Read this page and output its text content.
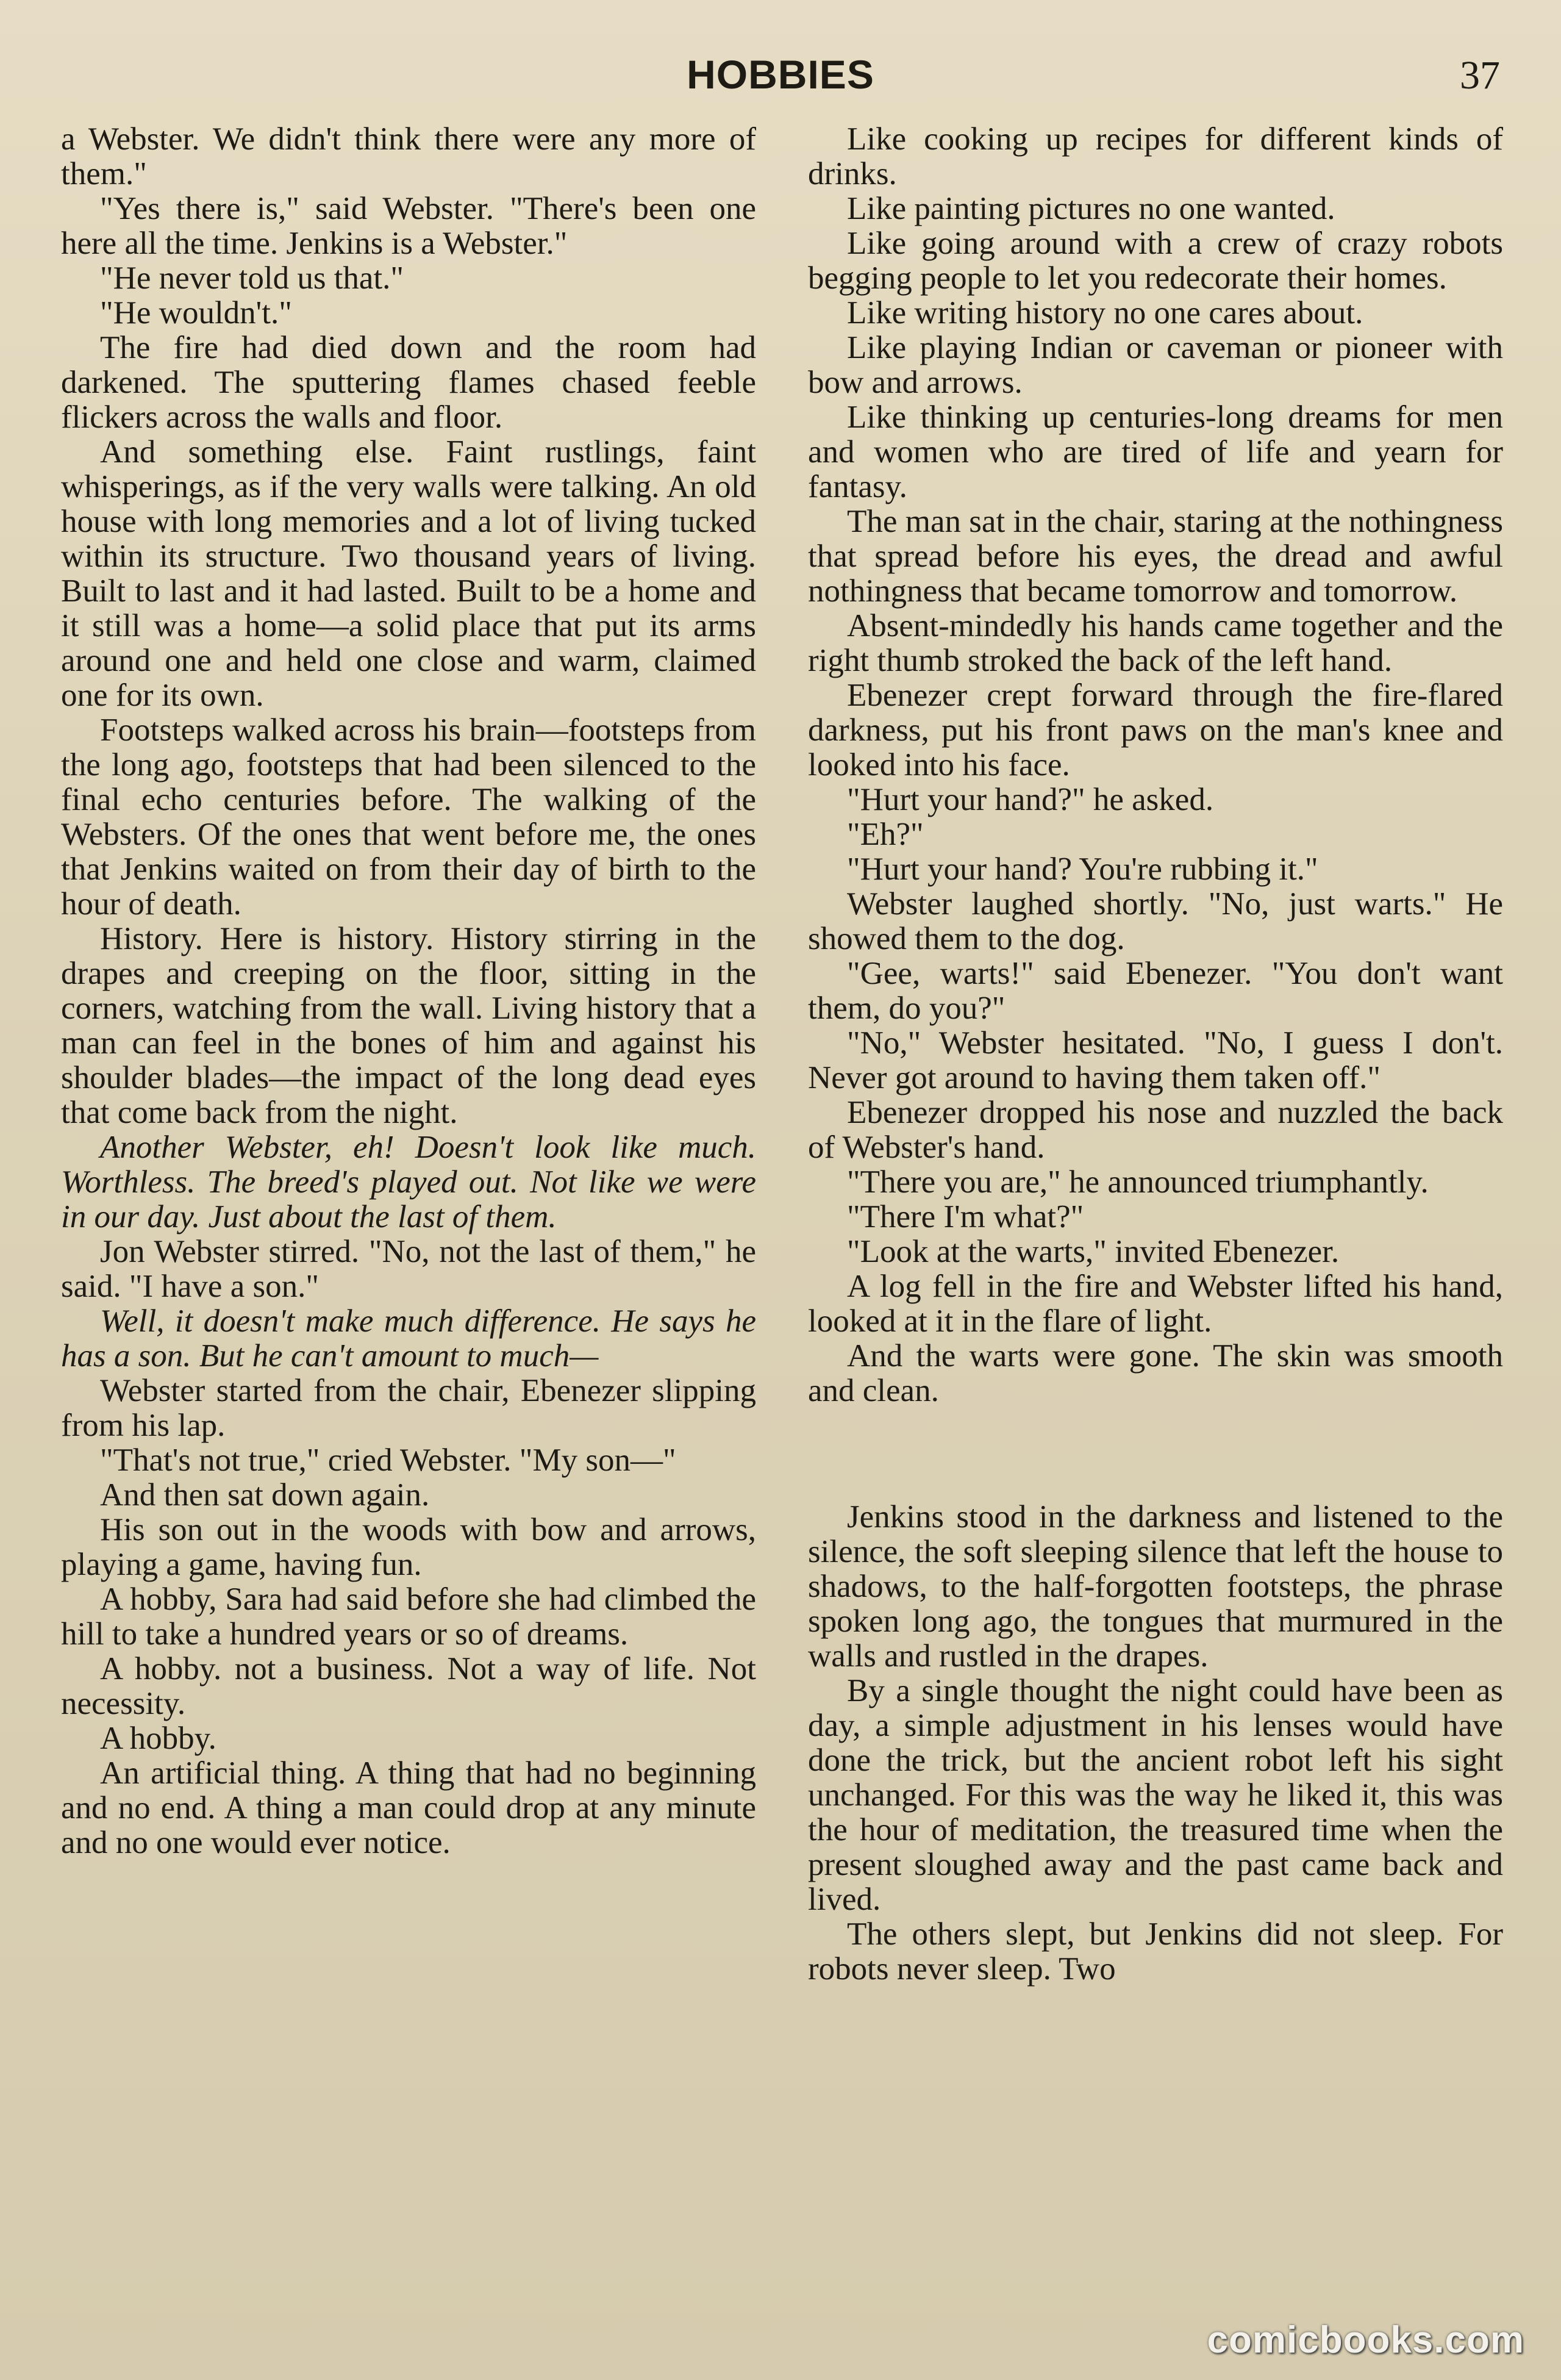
HOBBIES	37

a Webster. We didn't think there were any more of them."

"Yes there is," said Webster. "There's been one here all the time. Jenkins is a Webster."

"He never told us that."

"He wouldn't."

The fire had died down and the room had darkened. The sputtering flames chased feeble flickers across the walls and floor.

And something else. Faint rustlings, faint whisperings, as if the very walls were talking. An old house with long memories and a lot of living tucked within its structure. Two thousand years of living. Built to last and it had lasted. Built to be a home and it still was a home—a solid place that put its arms around one and held one close and warm, claimed one for its own.

Footsteps walked across his brain—footsteps from the long ago, footsteps that had been silenced to the final echo centuries before. The walking of the Websters. Of the ones that went before me, the ones that Jenkins waited on from their day of birth to the hour of death.

History. Here is history. History stirring in the drapes and creeping on the floor, sitting in the corners, watching from the wall. Living history that a man can feel in the bones of him and against his shoulder blades—the impact of the long dead eyes that come back from the night.

Another Webster, eh! Doesn't look like much. Worthless. The breed's played out. Not like we were in our day. Just about the last of them.

Jon Webster stirred. "No, not the last of them," he said. "I have a son."

Well, it doesn't make much difference. He says he has a son. But he can't amount to much—

Webster started from the chair, Ebenezer slipping from his lap.

"That's not true," cried Webster. "My son—"

And then sat down again.

His son out in the woods with bow and arrows, playing a game, having fun.

A hobby, Sara had said before she had climbed the hill to take a hundred years or so of dreams.

A hobby. not a business. Not a way of life. Not necessity.

A hobby.

An artificial thing. A thing that had no beginning and no end. A thing a man could drop at any minute and no one would ever notice.

Like cooking up recipes for different kinds of drinks.

Like painting pictures no one wanted.

Like going around with a crew of crazy robots begging people to let you redecorate their homes.

Like writing history no one cares about.

Like playing Indian or caveman or pioneer with bow and arrows.

Like thinking up centuries-long dreams for men and women who are tired of life and yearn for fantasy.

The man sat in the chair, staring at the nothingness that spread before his eyes, the dread and awful nothingness that became tomorrow and tomorrow.

Absent-mindedly his hands came together and the right thumb stroked the back of the left hand.

Ebenezer crept forward through the fire-flared darkness, put his front paws on the man's knee and looked into his face.

"Hurt your hand?" he asked.

"Eh?"

"Hurt your hand? You're rubbing it."

Webster laughed shortly. "No, just warts." He showed them to the dog.

"Gee, warts!" said Ebenezer. "You don't want them, do you?"

"No," Webster hesitated. "No, I guess I don't. Never got around to having them taken off."

Ebenezer dropped his nose and nuzzled the back of Webster's hand.

"There you are," he announced triumphantly.

"There I'm what?"

"Look at the warts," invited Ebenezer.

A log fell in the fire and Webster lifted his hand, looked at it in the flare of light.

And the warts were gone. The skin was smooth and clean.

Jenkins stood in the darkness and listened to the silence, the soft sleeping silence that left the house to shadows, to the half-forgotten footsteps, the phrase spoken long ago, the tongues that murmured in the walls and rustled in the drapes.

By a single thought the night could have been as day, a simple adjustment in his lenses would have done the trick, but the ancient robot left his sight unchanged. For this was the way he liked it, this was the hour of meditation, the treasured time when the present sloughed away and the past came back and lived.

The others slept, but Jenkins did not sleep. For robots never sleep. Two

comicbooks.com
